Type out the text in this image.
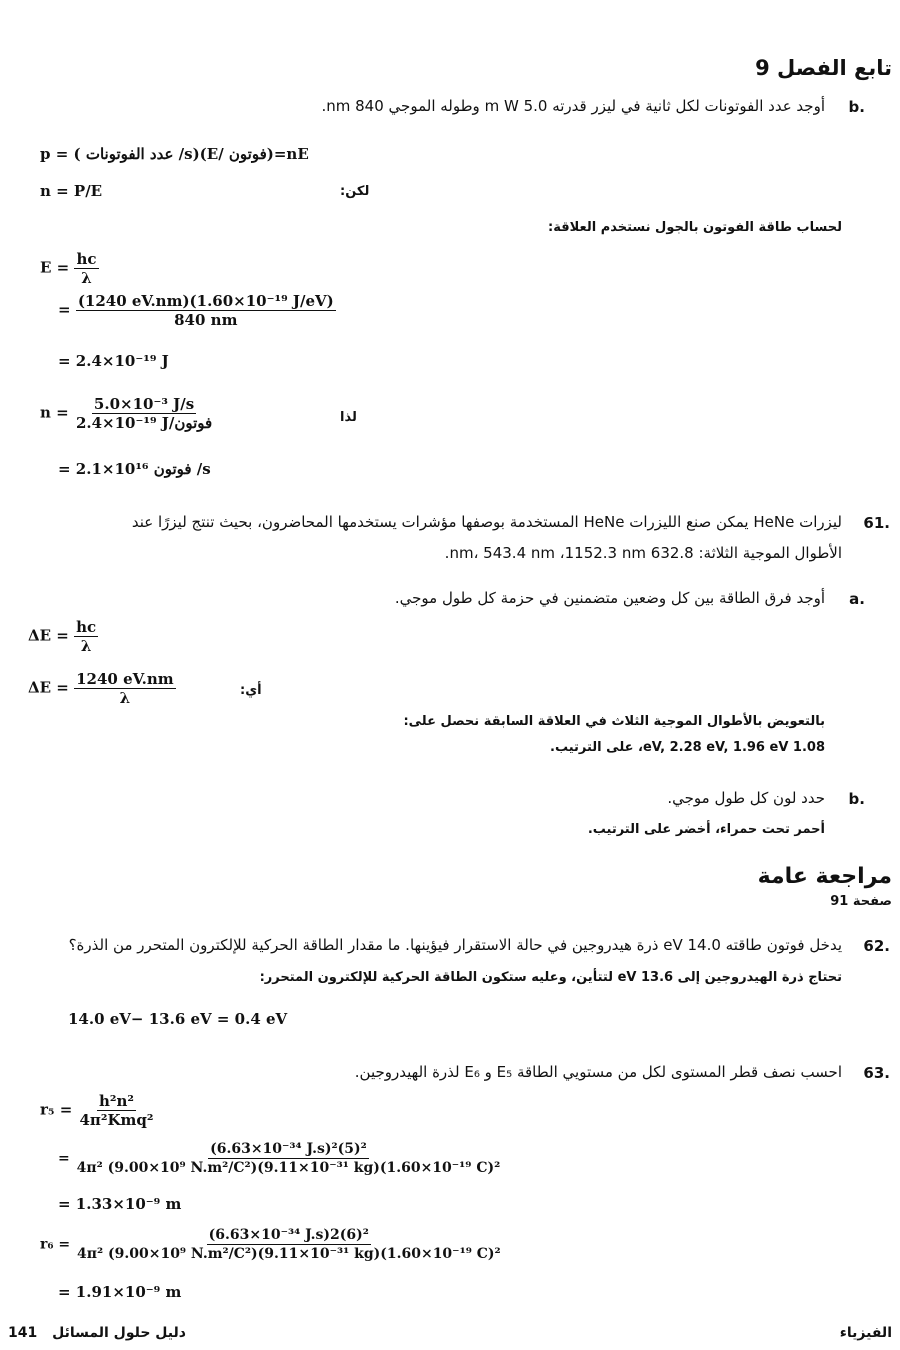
تابع الفصل 9
.b
أوجد عدد الفوتونات لكل ثانية في ليزر قدرته 5.0 m W وطوله الموجي 840 nm.
p = ( عدد الفوتونات /s)(E/ فوتون)=nE
لكن:
n = P/E
لحساب طاقة الفوتون بالجول نستخدم العلاقة:
$E = \frac{hc}{\lambda}$
= $\frac{\text{(1240 eV.nm)(1.60×10⁻¹⁹ J/eV)}}{840 nm}$
= 2.4×10⁻¹⁹ J
لذا
$n = \frac{\text{5.0×10⁻³ J/s}}{\text{2.4×10⁻¹⁹ J/فوتون}}$
= 2.1×10¹⁶ فوتون /s
.61
ليزرات HeNe يمكن صنع الليزرات HeNe المستخدمة بوصفها مؤشرات يستخدمها المحاضرون، بحيث تنتج ليزرًا عند
الأطوال الموجية الثلاثة: 632.8 nm، 543.4 nm ،1152.3 nm.
.a
أوجد فرق الطاقة بين كل وضعين متضمنين في حزمة كل طول موجي.
$\Delta E = \frac{hc}{\lambda}$
أي:
$\Delta E = \frac{1240 eV.nm}{\lambda}$
بالتعويض بالأطوال الموجية الثلاث في العلاقة السابقة نحصل على:
1.08 eV, 2.28 eV, 1.96 eV، على الترتيب.
.b
حدد لون كل طول موجي.
أحمر تحت حمراء، أخضر على الترتيب.
مراجعة عامة
صفحة 91
.62
يدخل فوتون طاقته 14.0 eV ذرة هيدروجين في حالة الاستقرار فيؤينها. ما مقدار الطاقة الحركية للإلكترون المتحرر من الذرة؟
تحتاج ذرة الهيدروجين إلى 13.6 eV لتتأين، وعليه ستكون الطاقة الحركية للإلكترون المتحرر:
14.0 eV− 13.6 eV = 0.4 eV
.63
احسب نصف قطر المستوى لكل من مستويي الطاقة E₅ و E₆ لذرة الهيدروجين.
$r_5 = \frac{\text{h²n²}}{\text{4π²Kmq²}}$
= $\frac{\text{(6.63×10⁻³⁴ J.s)²(5)²}}{\text{4π² (9.00×10⁹ N.m²/C²)(9.11×10⁻³¹ kg)(1.60×10⁻¹⁹ C)²}}$
= 1.33×10⁻⁹ m
$r_6 = \frac{\text{(6.63×10⁻³⁴ J.s)2(6)²}}{\text{4π² (9.00×10⁹ N.m²/C²)(9.11×10⁻³¹ kg)(1.60×10⁻¹⁹ C)²}}$
= 1.91×10⁻⁹ m
141 دليل حلول المسائل	الفيزياء
